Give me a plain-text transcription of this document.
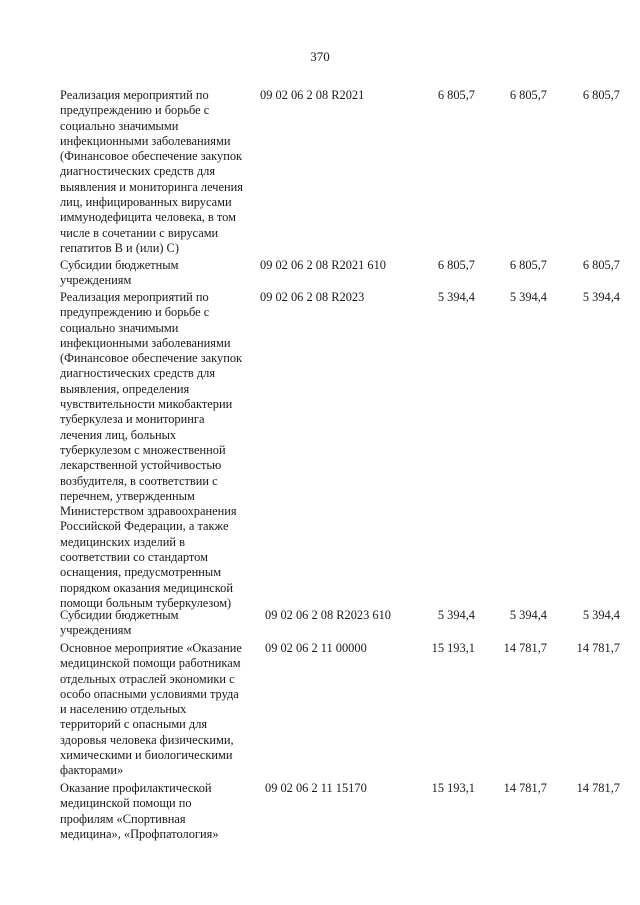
370
Реализация мероприятий по
предупреждению и борьбе с
социально значимыми
инфекционными заболеваниями
(Финансовое обеспечение закупок
диагностических средств для
выявления и мониторинга лечения
лиц, инфицированных вирусами
иммунодефицита человека, в том
числе в сочетании с вирусами
гепатитов В и (или) С)
09 02 06 2 08 R2021	6 805,7	6 805,7	6 805,7
Субсидии бюджетным
учреждениям
09 02 06 2 08 R2021 610	6 805,7	6 805,7	6 805,7
Реализация мероприятий по
предупреждению и борьбе с
социально значимыми
инфекционными заболеваниями
(Финансовое обеспечение закупок
диагностических средств для
выявления, определения
чувствительности микобактерии
туберкулеза и мониторинга
лечения лиц, больных
туберкулезом с множественной
лекарственной устойчивостью
возбудителя, в соответствии с
перечнем, утвержденным
Министерством здравоохранения
Российской Федерации, а также
медицинских изделий в
соответствии со стандартом
оснащения, предусмотренным
порядком оказания медицинской
помощи больным туберкулезом)
09 02 06 2 08 R2023	5 394,4	5 394,4	5 394,4
Субсидии бюджетным
учреждениям
09 02 06 2 08 R2023 610	5 394,4	5 394,4	5 394,4
Основное мероприятие «Оказание
медицинской помощи работникам
отдельных отраслей экономики с
особо опасными условиями труда
и населению отдельных
территорий с опасными для
здоровья человека физическими,
химическими и биологическими
факторами»
09 02 06 2 11 00000	15 193,1	14 781,7	14 781,7
Оказание профилактической
медицинской помощи по
профилям «Спортивная
медицина», «Профпатология»
09 02 06 2 11 15170	15 193,1	14 781,7	14 781,7
